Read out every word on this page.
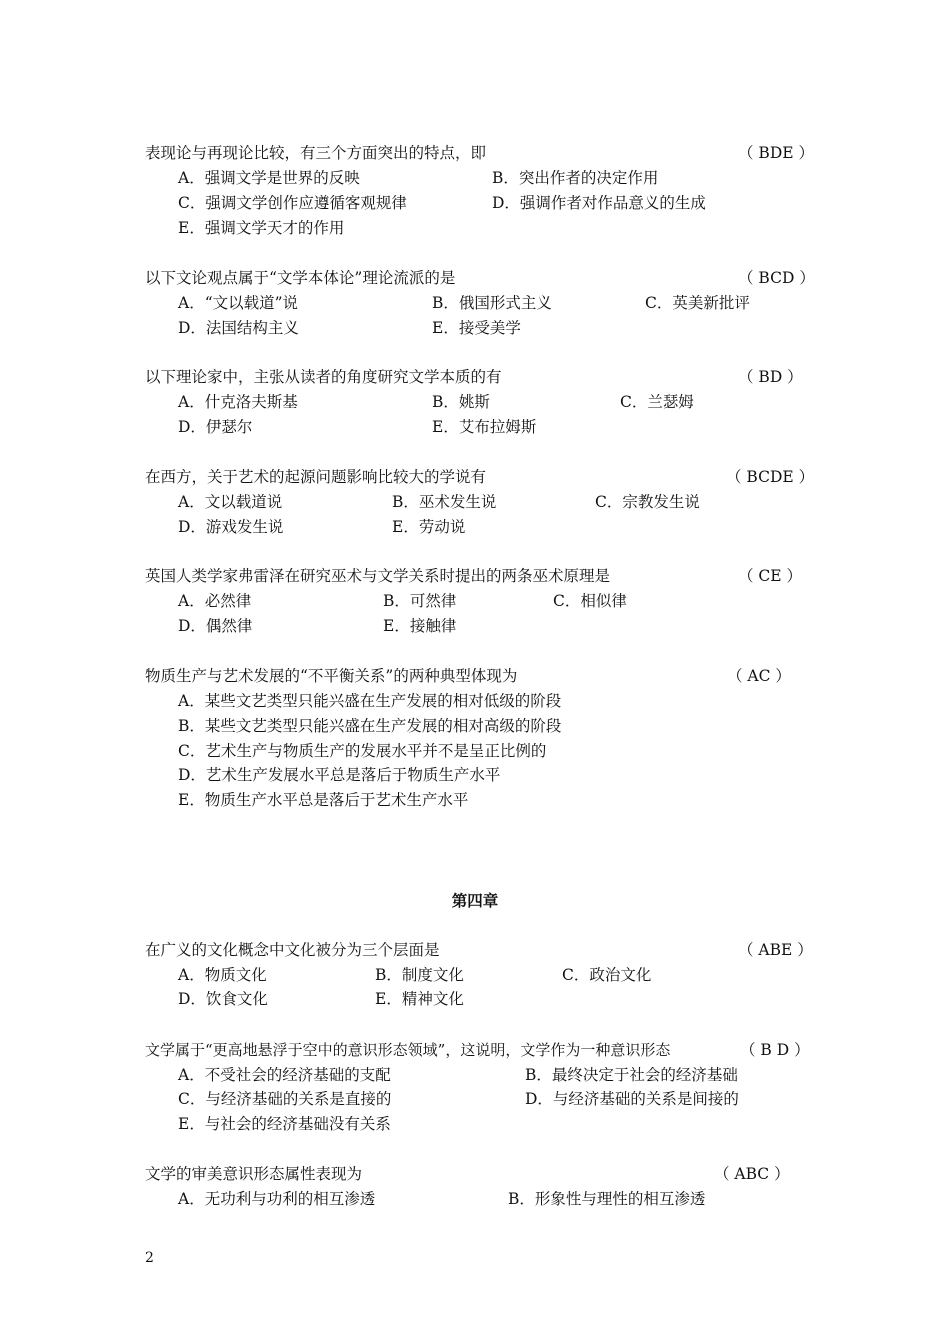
表现论与再现论比较，有三个方面突出的特点，即	（ BDE ）
A．强调文学是世界的反映	B．突出作者的决定作用
C．强调文学创作应遵循客观规律	D．强调作者对作品意义的生成
E．强调文学天才的作用
以下文论观点属于“文学本体论”理论流派的是	（ BCD ）
A．“文以载道”说	B．俄国形式主义	C．英美新批评
D．法国结构主义	E．接受美学
以下理论家中，主张从读者的角度研究文学本质的有	（ BD ）
A．什克洛夫斯基	B．姚斯	C．兰瑟姆
D．伊瑟尔	E．艾布拉姆斯
在西方，关于艺术的起源问题影响比较大的学说有	（ BCDE ）
A．文以载道说	B．巫术发生说	C．宗教发生说
D．游戏发生说	E．劳动说
英国人类学家弗雷泽在研究巫术与文学关系时提出的两条巫术原理是	（ CE ）
A．必然律	B．可然律	C．相似律
D．偶然律	E．接触律
物质生产与艺术发展的“不平衡关系”的两种典型体现为	（ AC ）
A．某些文艺类型只能兴盛在生产发展的相对低级的阶段
B．某些文艺类型只能兴盛在生产发展的相对高级的阶段
C．艺术生产与物质生产的发展水平并不是呈正比例的
D．艺术生产发展水平总是落后于物质生产水平
E．物质生产水平总是落后于艺术生产水平
第四章
在广义的文化概念中文化被分为三个层面是	（ ABE ）
A．物质文化	B．制度文化	C．政治文化
D．饮食文化	E．精神文化
文学属于“更高地悬浮于空中的意识形态领域”，这说明，文学作为一种意识形态	（ B D ）
A．不受社会的经济基础的支配	B．最终决定于社会的经济基础
C．与经济基础的关系是直接的	D．与经济基础的关系是间接的
E．与社会的经济基础没有关系
文学的审美意识形态属性表现为	（ ABC ）
A．无功利与功利的相互渗透	B．形象性与理性的相互渗透
2
